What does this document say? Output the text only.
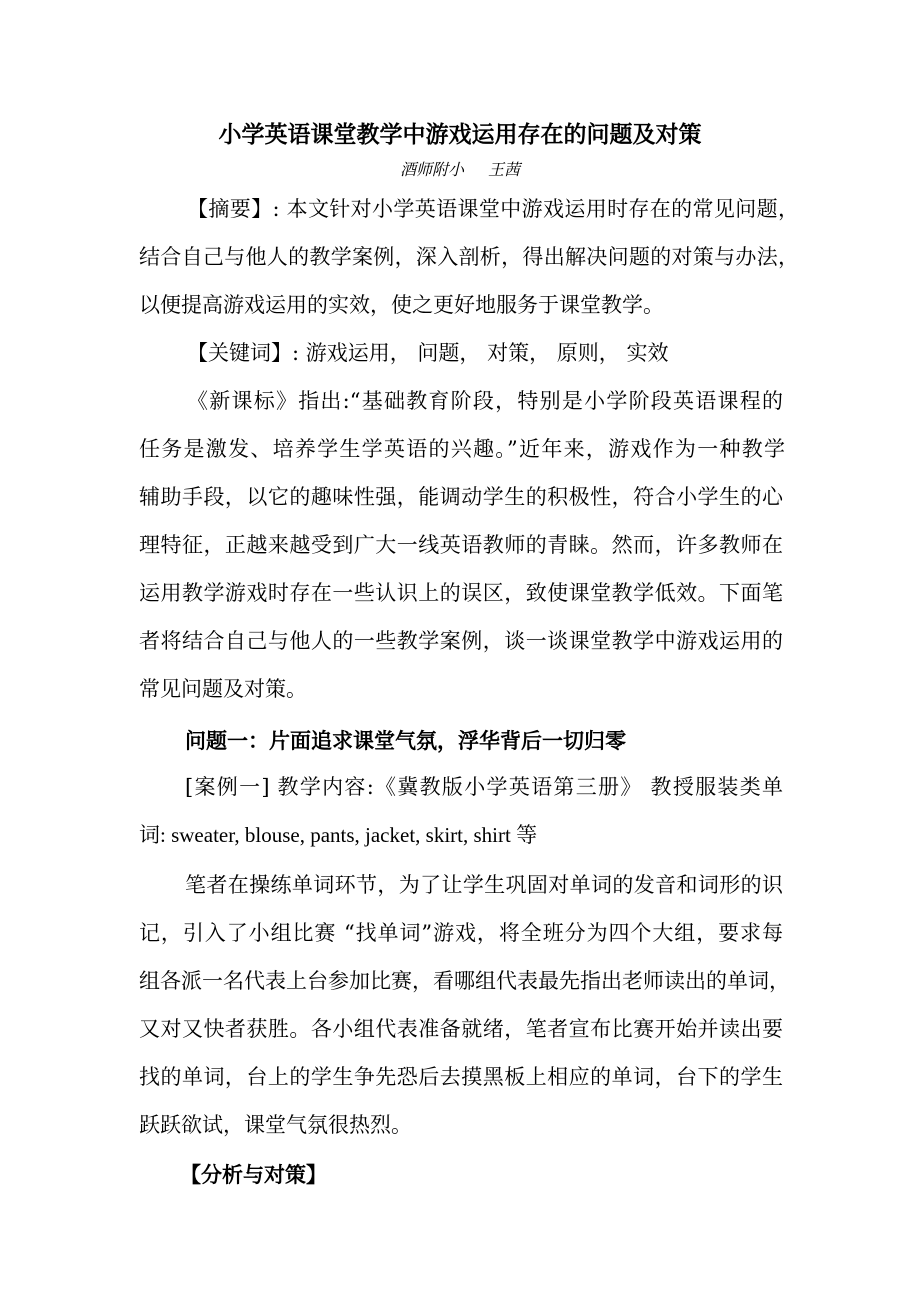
小学英语课堂教学中游戏运用存在的问题及对策
酒师附小 王茜
【摘要】: 本文针对小学英语课堂中游戏运用时存在的常见问题，
结合自己与他人的教学案例，深入剖析，得出解决问题的对策与办法，
以便提高游戏运用的实效，使之更好地服务于课堂教学。
【关键词】: 游戏运用， 问题， 对策， 原则， 实效
《新课标》指出:“基础教育阶段，特别是小学阶段英语课程的
任务是激发、培养学生学英语的兴趣。”近年来，游戏作为一种教学
辅助手段，以它的趣味性强，能调动学生的积极性，符合小学生的心
理特征，正越来越受到广大一线英语教师的青睐。然而，许多教师在
运用教学游戏时存在一些认识上的误区，致使课堂教学低效。下面笔
者将结合自己与他人的一些教学案例，谈一谈课堂教学中游戏运用的
常见问题及对策。
问题一：片面追求课堂气氛，浮华背后一切归零
[案例一] 教学内容:《冀教版小学英语第三册》 教授服装类单
词: sweater, blouse, pants, jacket, skirt, shirt 等
笔者在操练单词环节，为了让学生巩固对单词的发音和词形的识
记，引入了小组比赛 “找单词”游戏，将全班分为四个大组，要求每
组各派一名代表上台参加比赛，看哪组代表最先指出老师读出的单词，
又对又快者获胜。各小组代表准备就绪，笔者宣布比赛开始并读出要
找的单词，台上的学生争先恐后去摸黑板上相应的单词，台下的学生
跃跃欲试，课堂气氛很热烈。
【分析与对策】
